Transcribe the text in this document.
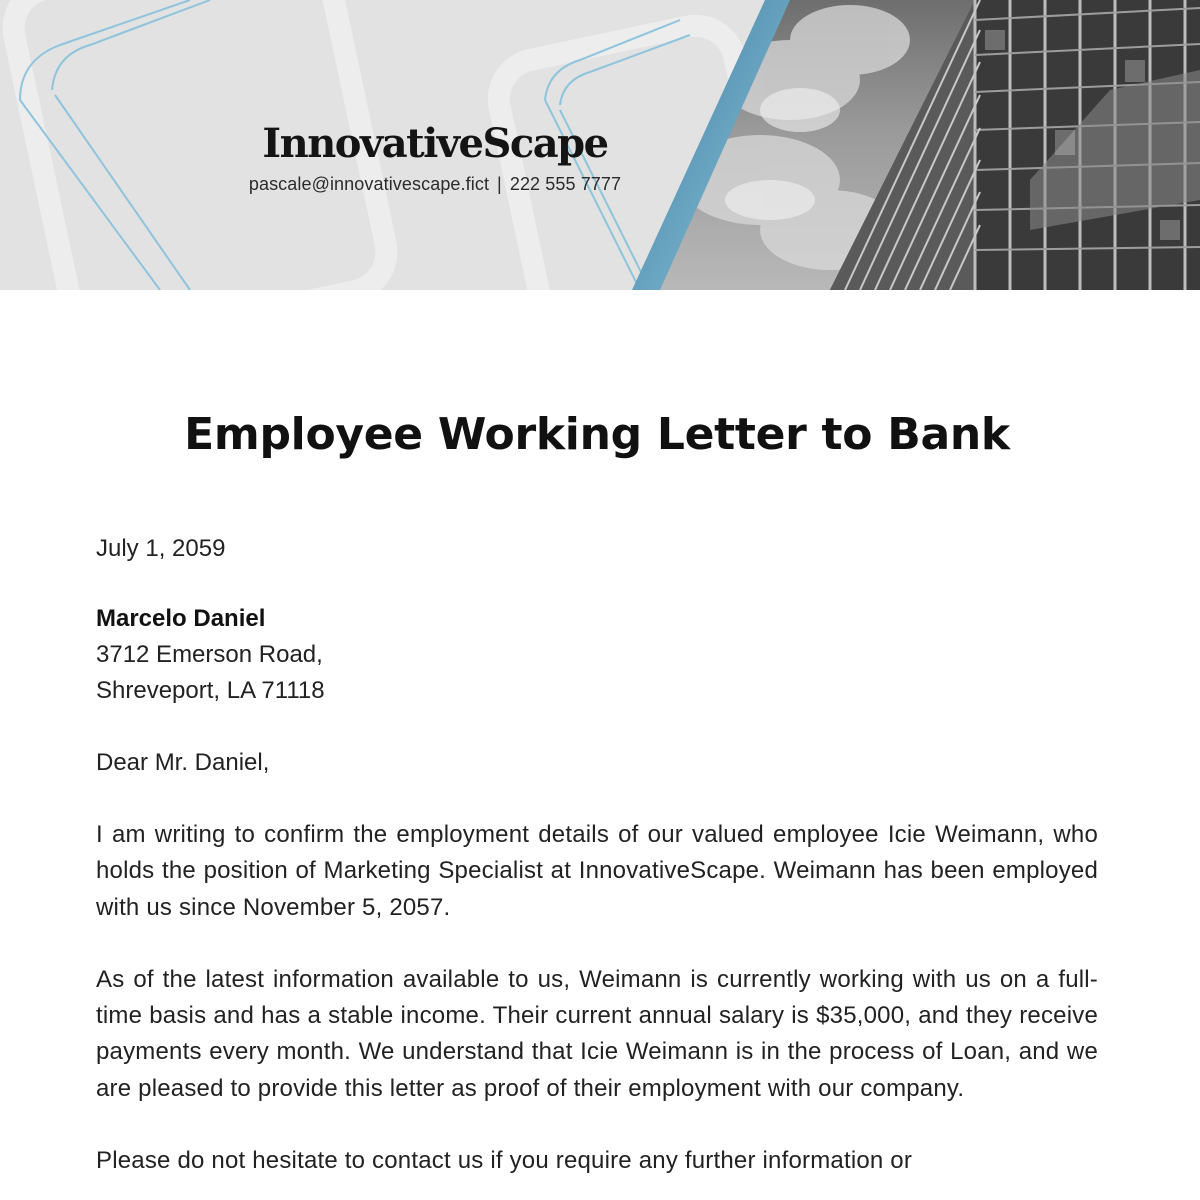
InnovativeScape
pascale@innovativescape.fict | 222 555 7777
Employee Working Letter to Bank
July 1, 2059
Marcelo Daniel
3712 Emerson Road,
Shreveport, LA 71118
Dear Mr. Daniel,

I am writing to confirm the employment details of our valued employee Icie Weimann, who holds the position of Marketing Specialist at InnovativeScape. Weimann has been employed with us since November 5, 2057.

As of the latest information available to us, Weimann is currently working with us on a full-time basis and has a stable income. Their current annual salary is $35,000, and they receive payments every month. We understand that Icie Weimann is in the process of Loan, and we are pleased to provide this letter as proof of their employment with our company.

Please do not hesitate to contact us if you require any further information or
